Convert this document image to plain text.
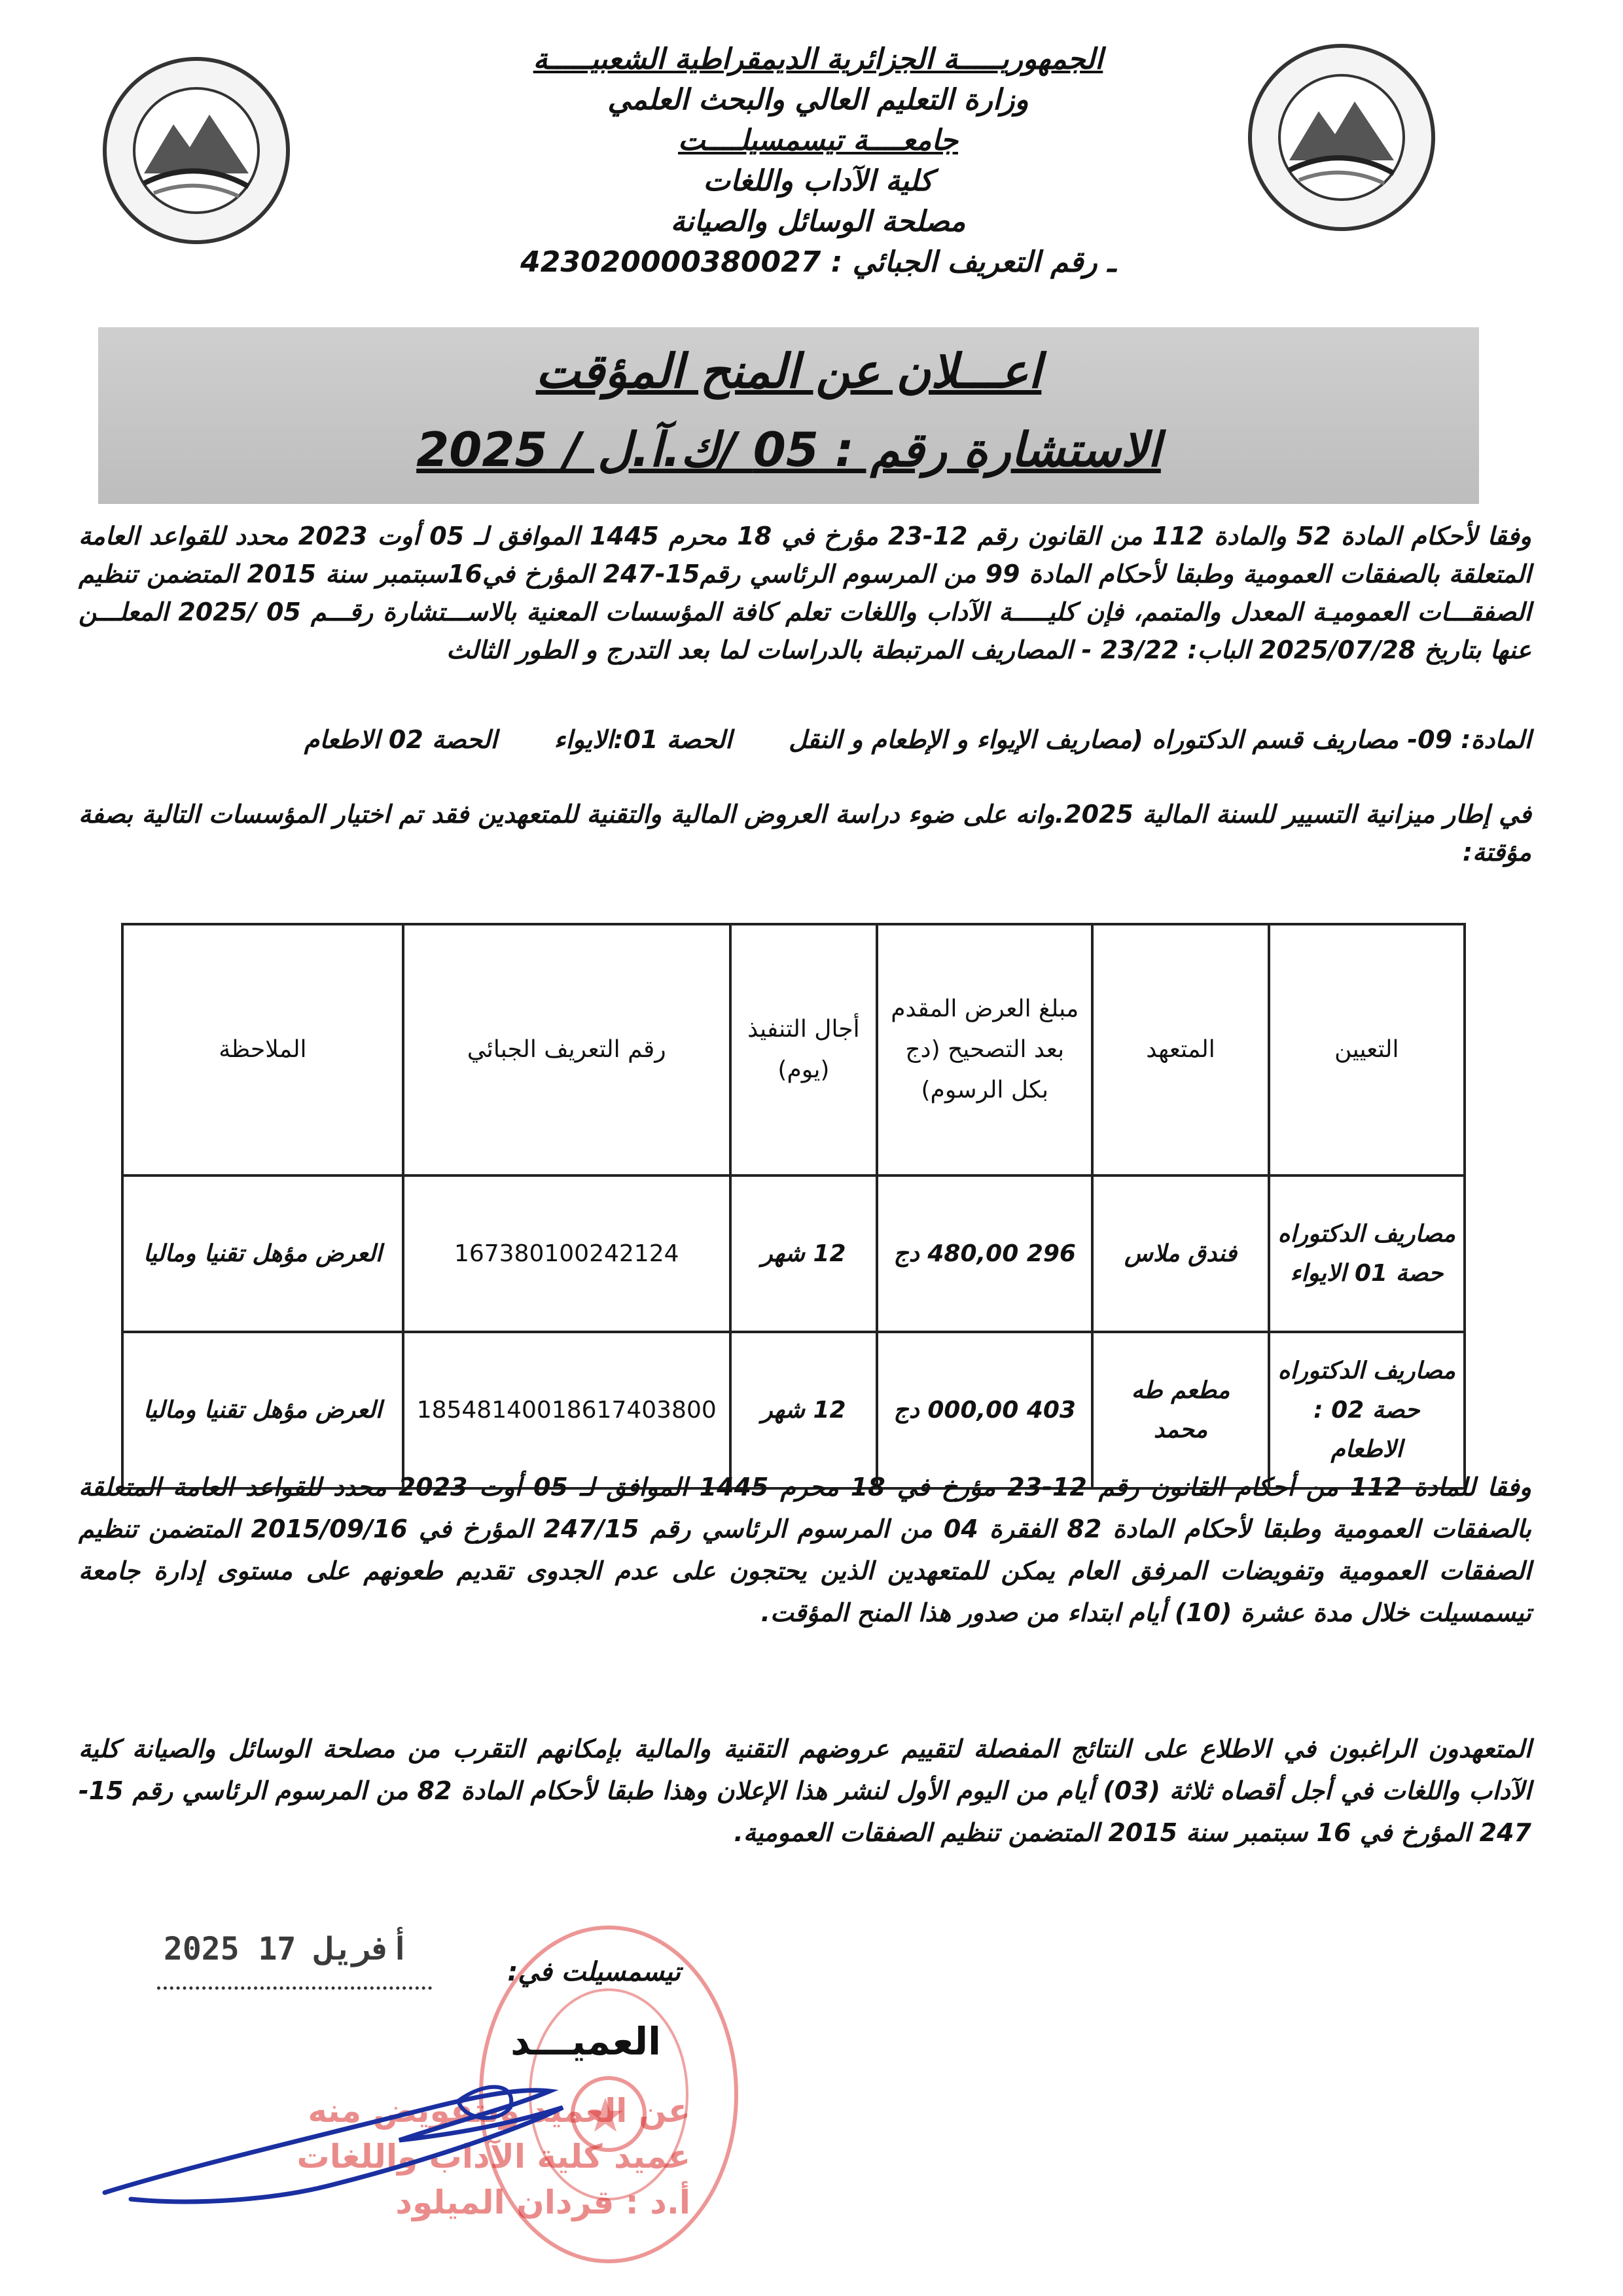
الجمهوريـــــة الجزائرية الديمقراطية الشعبيـــــة
وزارة التعليم العالي والبحث العلمي
جامعــــة تيسمسيلــــت
كلية الآداب واللغات
مصلحة الوسائل والصيانة
ـ رقم التعريف الجبائي : 423020000380027
اعـــلان عن المنح المؤقت
الاستشارة رقم : 05 /ك.آ.ل / 2025
وفقا لأحكام المادة 52 والمادة 112 من القانون رقم 12-23 مؤرخ في 18 محرم 1445 الموافق لـ 05 أوت 2023 محدد للقواعد العامة المتعلقة بالصفقات العمومية وطبقا لأحكام المادة 99 من المرسوم الرئاسي رقم15-247 المؤرخ في16سبتمبر سنة 2015 المتضمن تنظيم الصفقـــات العموميـة المعدل والمتمم، فإن كليـــــة الآداب واللغات تعلم كافة المؤسسات المعنية بالاســـتشارة رقـــم 05 /2025 المعلـــن عنها بتاريخ 2025/07/28 الباب: 23/22 - المصاريف المرتبطة بالدراسات لما بعد التدرج و الطور الثالث
المادة: 09- مصاريف قسم الدكتوراه (مصاريف الإيواء و الإطعام و النقل  الحصة 01:الايواء  الحصة 02 الاطعام
في إطار ميزانية التسيير للسنة المالية 2025.وانه على ضوء دراسة العروض المالية والتقنية للمتعهدين فقد تم اختيار المؤسسات التالية بصفة مؤقتة:
التعيين	المتعهد	مبلغ العرض المقدم بعد التصحيح (دج بكل الرسوم)	أجال التنفيذ (يوم)	رقم التعريف الجبائي	الملاحظة
مصاريف الدكتوراه حصة 01 الايواء	فندق ملاس	296 480,00 دج	12 شهر	167380100242124	العرض مؤهل تقنيا وماليا
مصاريف الدكتوراه حصة 02 : الاطعام	مطعم طه محمد	403 000,00 دج	12 شهر	18548140018617403800	العرض مؤهل تقنيا وماليا
وفقا للمادة 112 من أحكام القانون رقم 12-23 مؤرخ في 18 محرم 1445 الموافق لـ 05 أوت 2023 محدد للقواعد العامة المتعلقة بالصفقات العمومية وطبقا لأحكام المادة 82 الفقرة 04 من المرسوم الرئاسي رقم 247/15 المؤرخ في 2015/09/16 المتضمن تنظيم الصفقات العمومية وتفويضات المرفق العام يمكن للمتعهدين الذين يحتجون على عدم الجدوى تقديم طعونهم على مستوى إدارة جامعة تيسمسيلت خلال مدة عشرة (10) أيام ابتداء من صدور هذا المنح المؤقت.
المتعهدون الراغبون في الاطلاع على النتائج المفصلة لتقييم عروضهم التقنية والمالية بإمكانهم التقرب من مصلحة الوسائل والصيانة كلية الآداب واللغات في أجل أقصاه ثلاثة (03) أيام من اليوم الأول لنشر هذا الإعلان وهذا طبقا لأحكام المادة 82 من المرسوم الرئاسي رقم 15-247 المؤرخ في 16 سبتمبر سنة 2015 المتضمن تنظيم الصفقات العمومية.
2025 أفريل 17
تيسمسيلت في:
العميـــد
عن العميد وبتفويض منه
عميد كلية الآداب واللغات
أ.د : قردان الميلود
